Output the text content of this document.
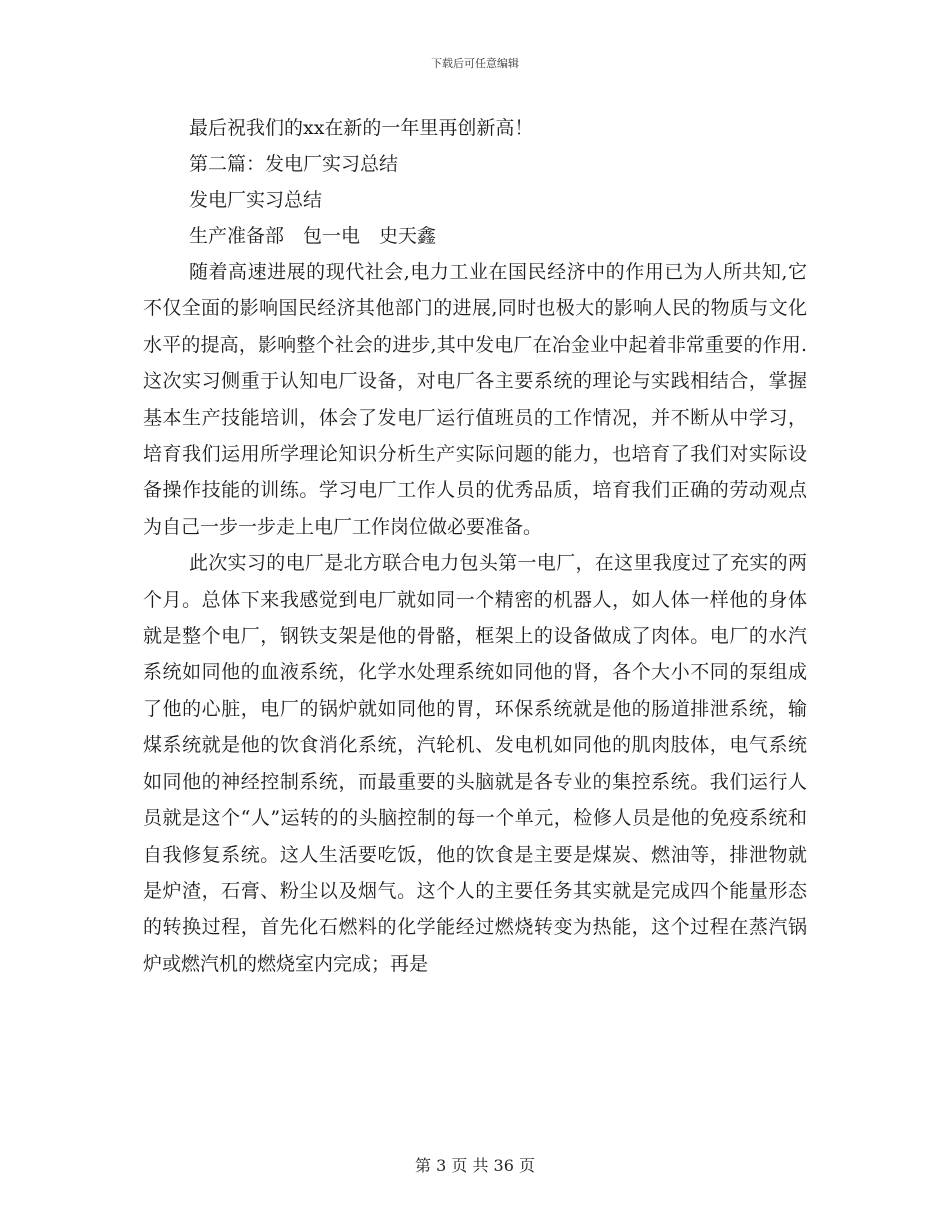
下载后可任意编辑
最后祝我们的xx在新的一年里再创新高！
第二篇：发电厂实习总结
发电厂实习总结
生产准备部　包一电　史天鑫

随着高速进展的现代社会,电力工业在国民经济中的作用已为人所共知,它不仅全面的影响国民经济其他部门的进展,同时也极大的影响人民的物质与文化水平的提高，影响整个社会的进步,其中发电厂在冶金业中起着非常重要的作用.这次实习侧重于认知电厂设备，对电厂各主要系统的理论与实践相结合，掌握基本生产技能培训，体会了发电厂运行值班员的工作情况，并不断从中学习，培育我们运用所学理论知识分析生产实际问题的能力，也培育了我们对实际设备操作技能的训练。学习电厂工作人员的优秀品质，培育我们正确的劳动观点为自己一步一步走上电厂工作岗位做必要准备。

此次实习的电厂是北方联合电力包头第一电厂，在这里我度过了充实的两个月。总体下来我感觉到电厂就如同一个精密的机器人，如人体一样他的身体就是整个电厂，钢铁支架是他的骨骼，框架上的设备做成了肉体。电厂的水汽系统如同他的血液系统，化学水处理系统如同他的肾，各个大小不同的泵组成了他的心脏，电厂的锅炉就如同他的胃，环保系统就是他的肠道排泄系统，输煤系统就是他的饮食消化系统，汽轮机、发电机如同他的肌肉肢体，电气系统如同他的神经控制系统，而最重要的头脑就是各专业的集控系统。我们运行人员就是这个“人”运转的的头脑控制的每一个单元，检修人员是他的免疫系统和自我修复系统。这人生活要吃饭，他的饮食是主要是煤炭、燃油等，排泄物就是炉渣，石膏、粉尘以及烟气。这个人的主要任务其实就是完成四个能量形态的转换过程，首先化石燃料的化学能经过燃烧转变为热能，这个过程在蒸汽锅炉或燃汽机的燃烧室内完成；再是

第 3 页 共 36 页
